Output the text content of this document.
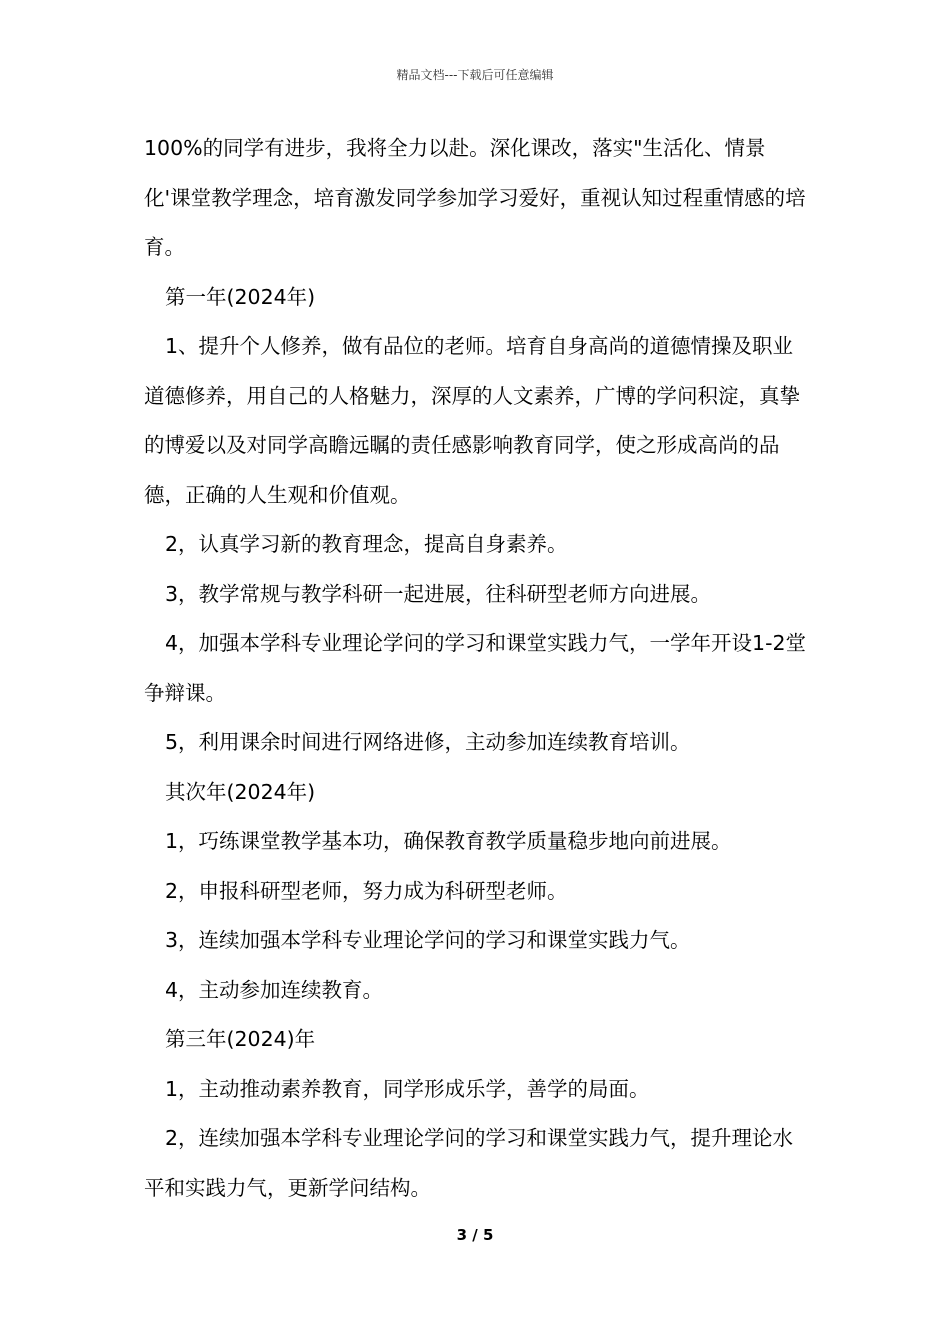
精品文档---下载后可任意编辑

100%的同学有进步，我将全力以赴。深化课改，落实"生活化、情景化'课堂教学理念，培育激发同学参加学习爱好，重视认知过程重情感的培育。

第一年(2024年)

1、提升个人修养，做有品位的老师。培育自身高尚的道德情操及职业道德修养，用自己的人格魅力，深厚的人文素养，广博的学问积淀，真挚的博爱以及对同学高瞻远瞩的责任感影响教育同学，使之形成高尚的品德，正确的人生观和价值观。

2，认真学习新的教育理念，提高自身素养。

3，教学常规与教学科研一起进展，往科研型老师方向进展。

4，加强本学科专业理论学问的学习和课堂实践力气，一学年开设1-2堂争辩课。

5，利用课余时间进行网络进修，主动参加连续教育培训。

其次年(2024年)

1，巧练课堂教学基本功，确保教育教学质量稳步地向前进展。

2，申报科研型老师，努力成为科研型老师。

3，连续加强本学科专业理论学问的学习和课堂实践力气。

4，主动参加连续教育。

第三年(2024)年

1，主动推动素养教育，同学形成乐学，善学的局面。

2，连续加强本学科专业理论学问的学习和课堂实践力气，提升理论水平和实践力气，更新学问结构。

3 / 5
